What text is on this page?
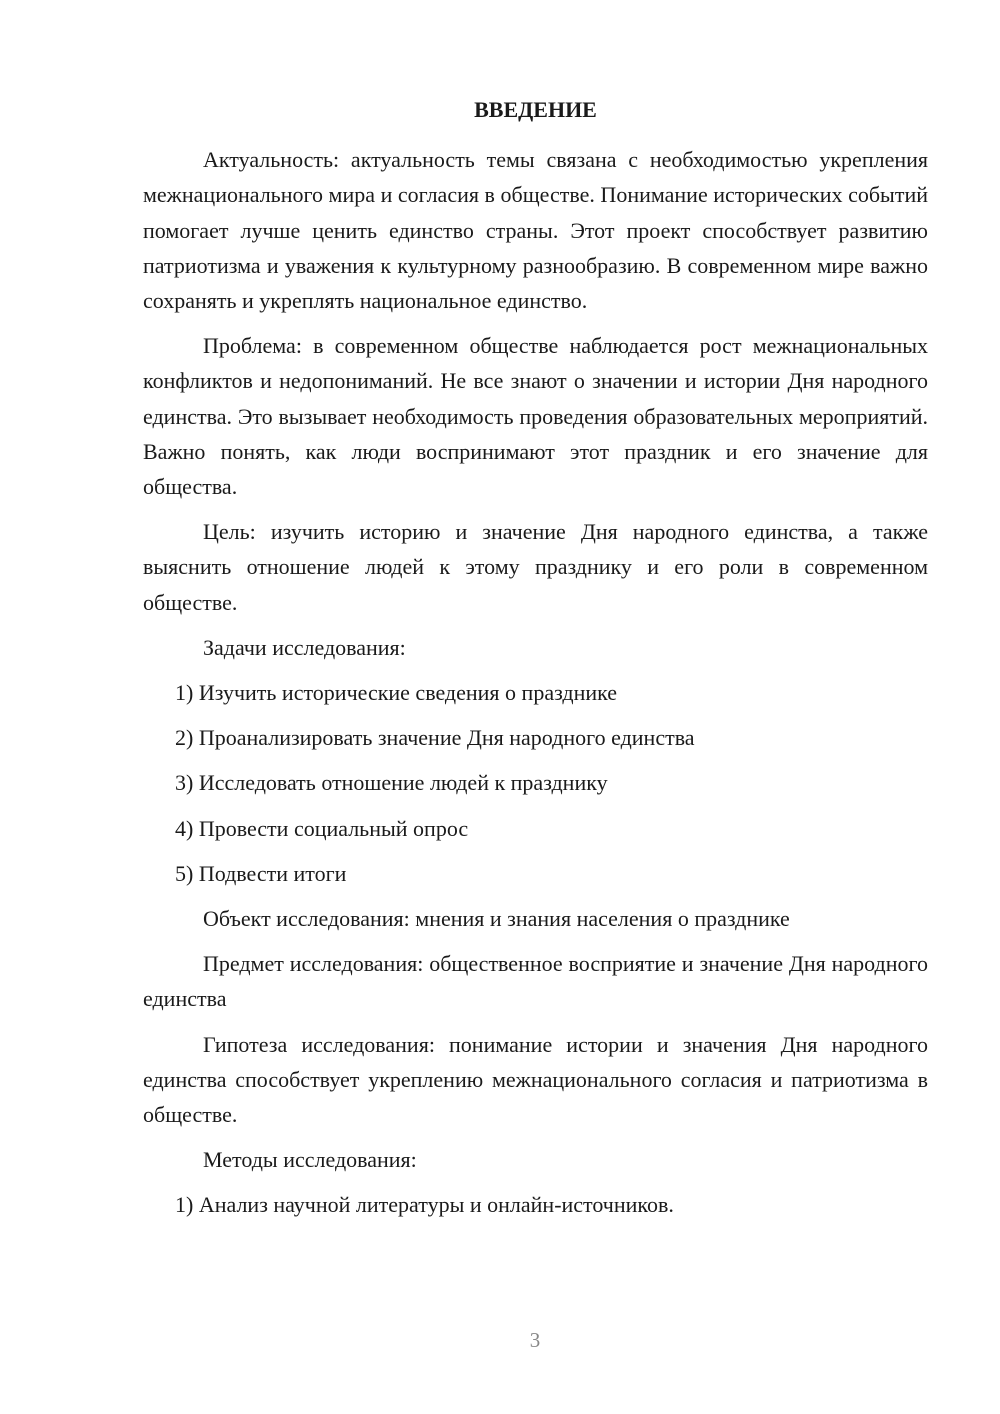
ВВЕДЕНИЕ

Актуальность: актуальность темы связана с необходимостью укрепления межнационального мира и согласия в обществе. Понимание исторических событий помогает лучше ценить единство страны. Этот проект способствует развитию патриотизма и уважения к культурному разнообразию. В современном мире важно сохранять и укреплять национальное единство.

Проблема: в современном обществе наблюдается рост межнациональных конфликтов и недопониманий. Не все знают о значении и истории Дня народного единства. Это вызывает необходимость проведения образовательных мероприятий. Важно понять, как люди воспринимают этот праздник и его значение для общества.

Цель: изучить историю и значение Дня народного единства, а также выяснить отношение людей к этому празднику и его роли в современном обществе.

Задачи исследования:
1) Изучить исторические сведения о празднике
2) Проанализировать значение Дня народного единства
3) Исследовать отношение людей к празднику
4) Провести социальный опрос
5) Подвести итоги
Объект исследования: мнения и знания населения о празднике

Предмет исследования: общественное восприятие и значение Дня народного единства

Гипотеза исследования: понимание истории и значения Дня народного единства способствует укреплению межнационального согласия и патриотизма в обществе.

Методы исследования:
1) Анализ научной литературы и онлайн-источников.
3
